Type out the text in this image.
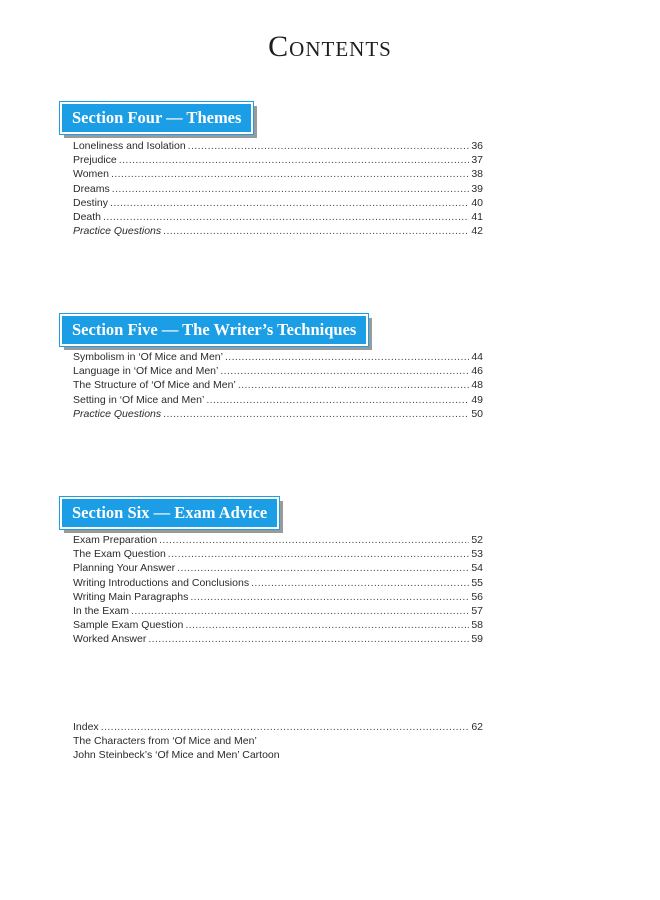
Contents
Section Four — Themes
Loneliness and Isolation .....	36
Prejudice .....	37
Women .....	38
Dreams .....	39
Destiny .....	40
Death .....	41
Practice Questions .....	42
Section Five — The Writer’s Techniques
Symbolism in ‘Of Mice and Men’ .....	44
Language in ‘Of Mice and Men’ .....	46
The Structure of ‘Of Mice and Men’ .....	48
Setting in ‘Of Mice and Men’ .....	49
Practice Questions .....	50
Section Six — Exam Advice
Exam Preparation .....	52
The Exam Question .....	53
Planning Your Answer .....	54
Writing Introductions and Conclusions .....	55
Writing Main Paragraphs .....	56
In the Exam .....	57
Sample Exam Question .....	58
Worked Answer .....	59
Index .....	62
The Characters from ‘Of Mice and Men’
John Steinbeck’s ‘Of Mice and Men’ Cartoon
